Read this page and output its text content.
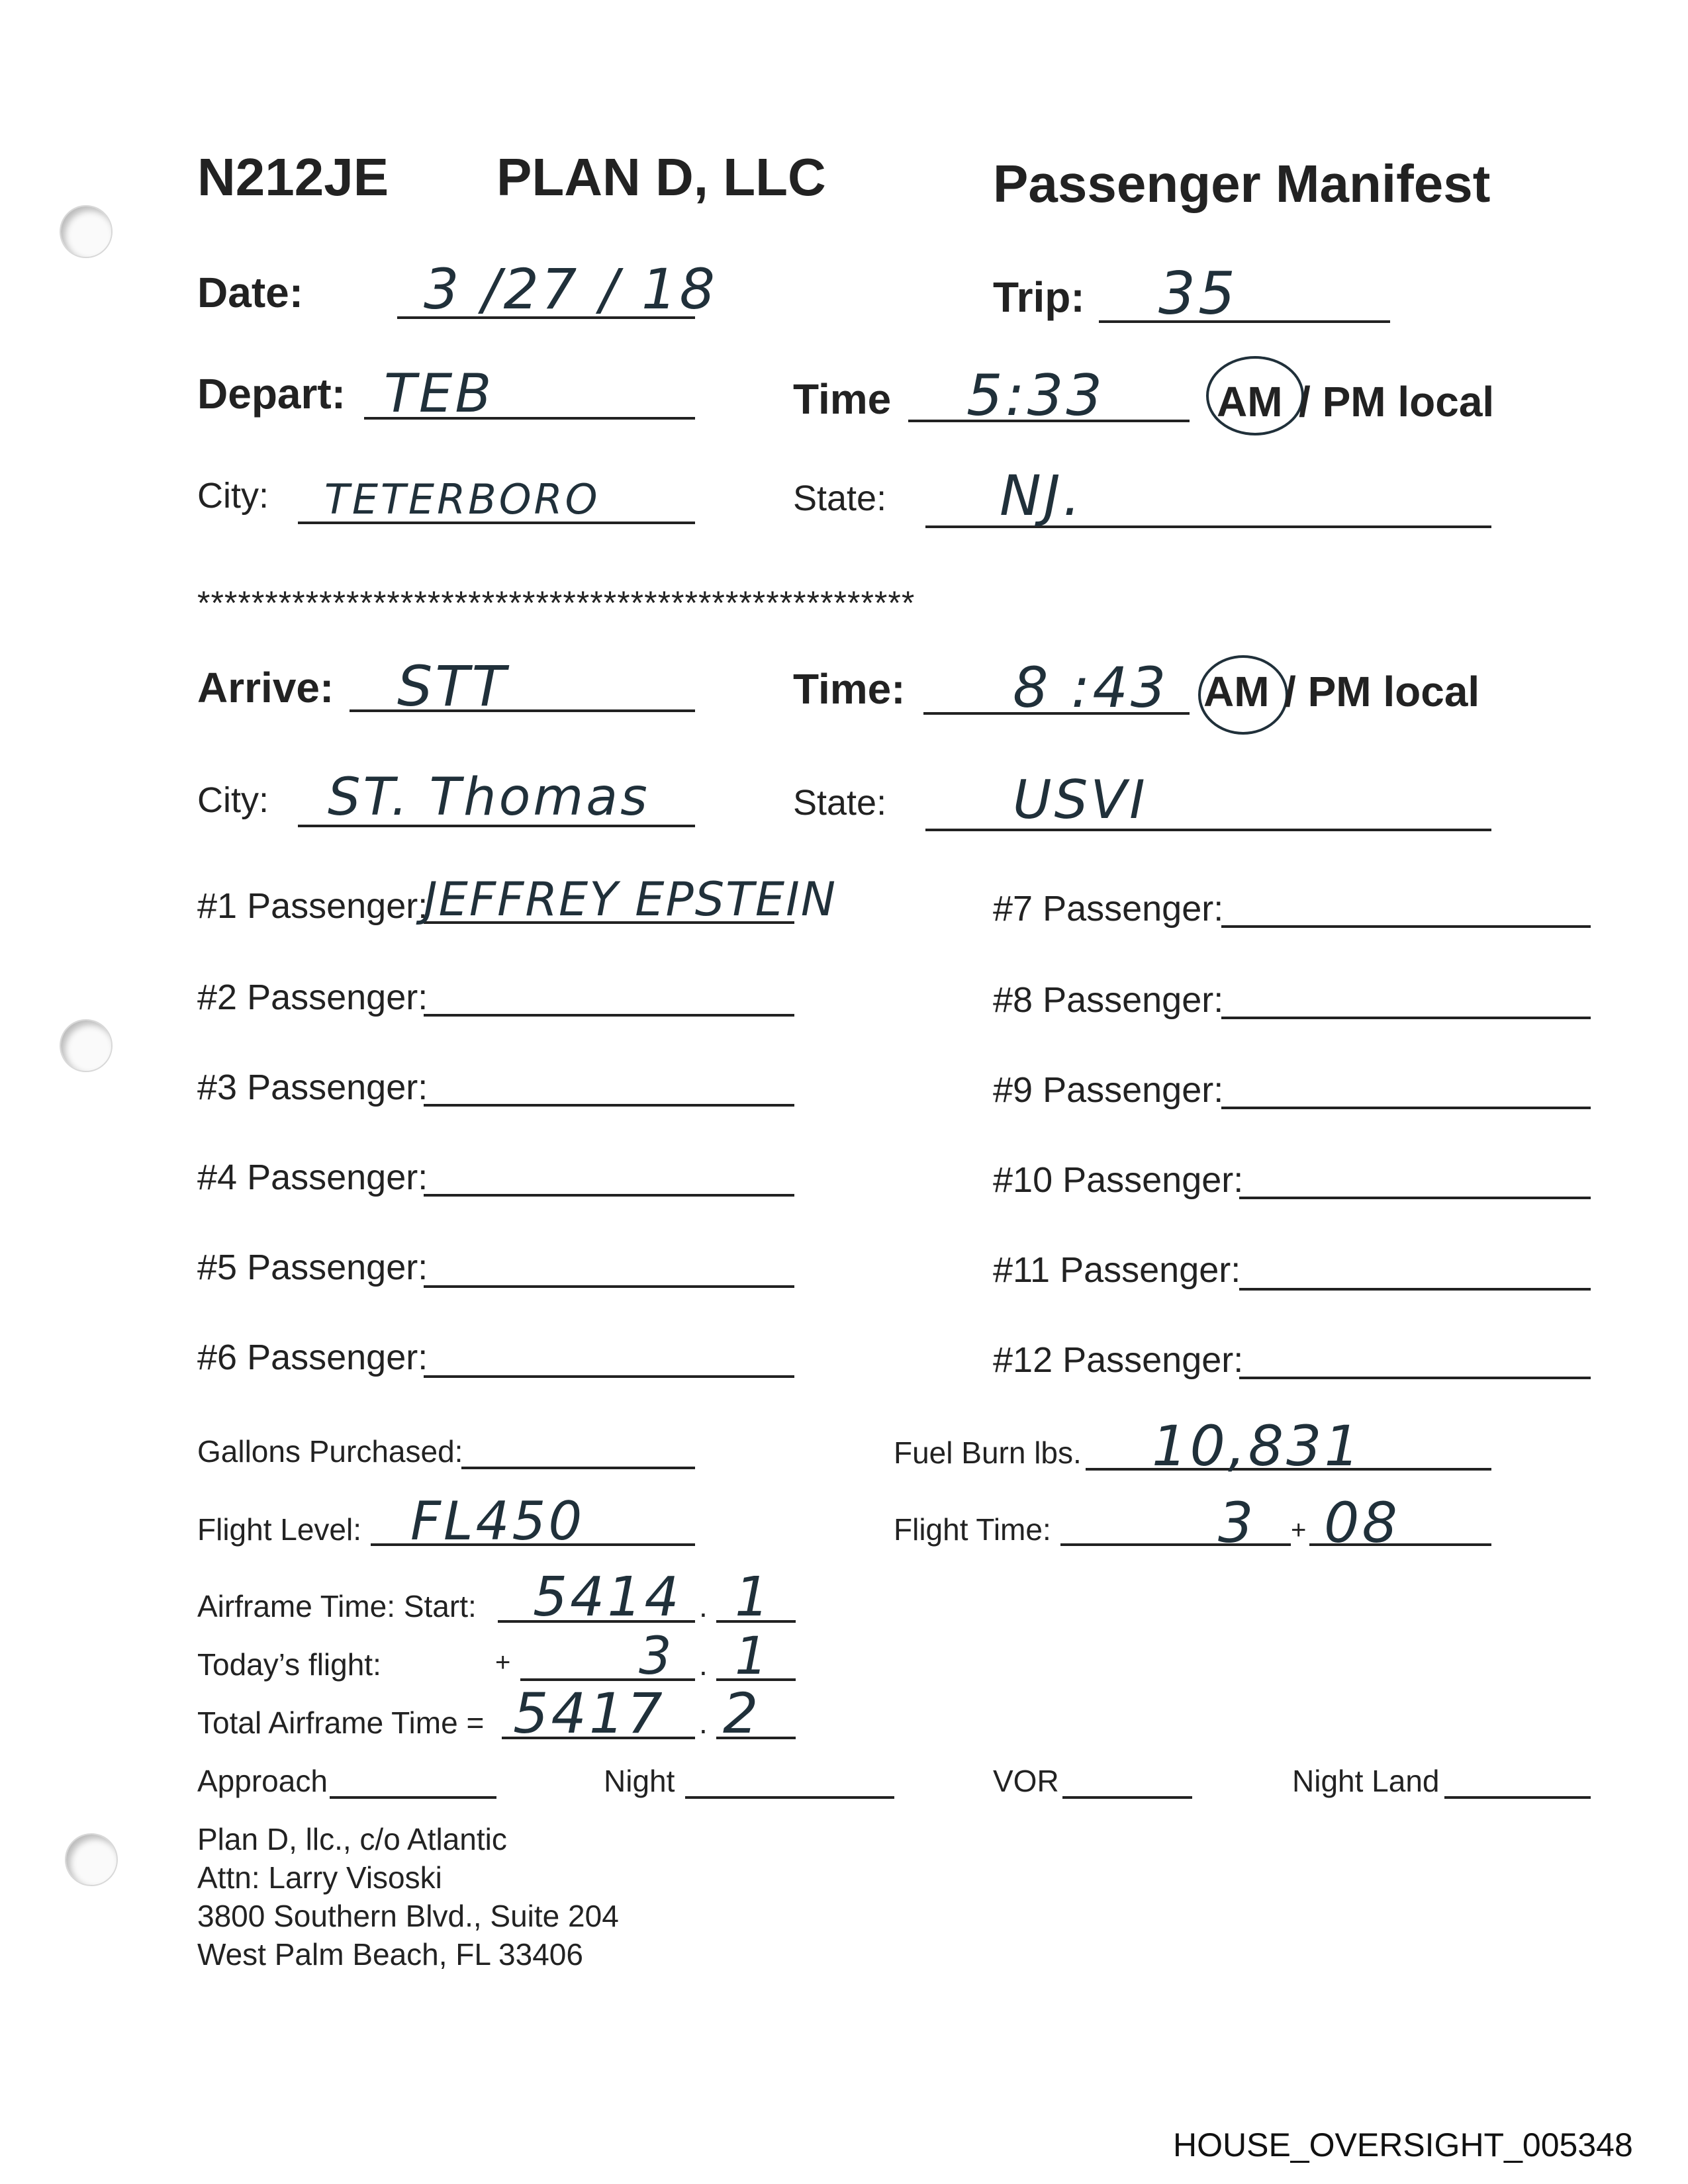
N212JE PLAN D, LLC	Passenger Manifest
Date: 3 /27 / 18	Trip: 35
Depart: TEB	Time 5:33	AM / PM local
City: TETERBORO	State: NJ.
*****************************************************
Arrive: STT	Time: 8 :43 AM / PM local
City: ST. Thomas	State: USVI
#1 Passenger:
JEFFREY EPSTEIN
#2 Passenger:
#3 Passenger:
#4 Passenger:
#5 Passenger:
#6 Passenger:
#7 Passenger:
#8 Passenger:
#9 Passenger:
#10 Passenger:
#11 Passenger:
#12 Passenger:
Gallons Purchased:	Fuel Burn lbs. 10,831
Flight Level: FL450	Flight Time:	3 + 08
Airframe Time: Start: 5414 . 1
Today’s flight:	+ 3 . 1
Total Airframe Time = 5417 . 2
Approach	Night	VOR	Night Land
Plan D, llc., c/o Atlantic
Attn: Larry Visoski
3800 Southern Blvd., Suite 204
West Palm Beach, FL 33406
HOUSE_OVERSIGHT_005348
